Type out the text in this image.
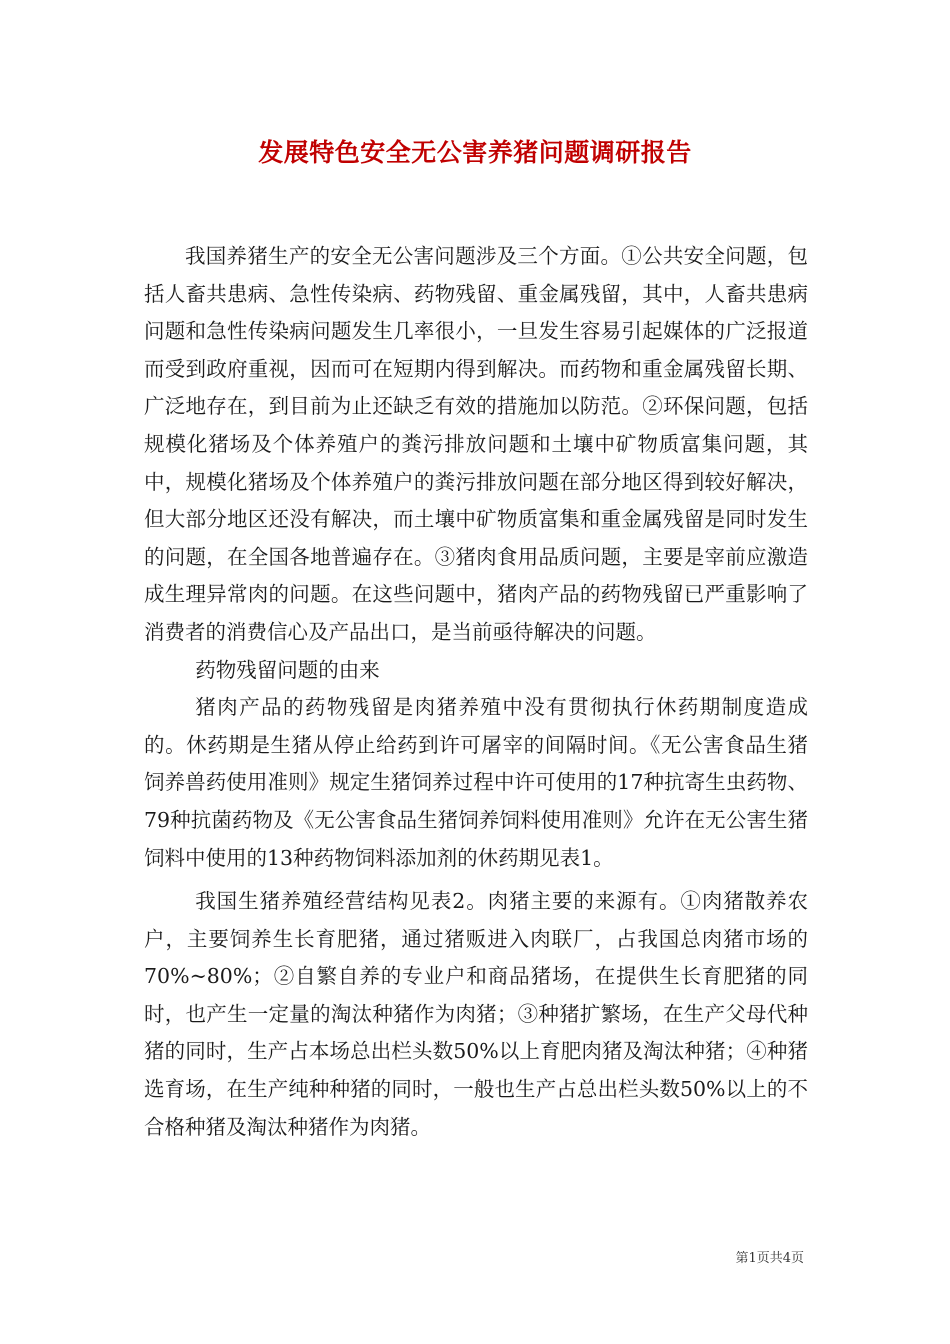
发展特色安全无公害养猪问题调研报告

我国养猪生产的安全无公害问题涉及三个方面。①公共安全问题，包括人畜共患病、急性传染病、药物残留、重金属残留，其中，人畜共患病问题和急性传染病问题发生几率很小，一旦发生容易引起媒体的广泛报道而受到政府重视，因而可在短期内得到解决。而药物和重金属残留长期、广泛地存在，到目前为止还缺乏有效的措施加以防范。②环保问题，包括规模化猪场及个体养殖户的粪污排放问题和土壤中矿物质富集问题，其中，规模化猪场及个体养殖户的粪污排放问题在部分地区得到较好解决，但大部分地区还没有解决，而土壤中矿物质富集和重金属残留是同时发生的问题，在全国各地普遍存在。③猪肉食用品质问题，主要是宰前应激造成生理异常肉的问题。在这些问题中，猪肉产品的药物残留已严重影响了消费者的消费信心及产品出口，是当前亟待解决的问题。

药物残留问题的由来

猪肉产品的药物残留是肉猪养殖中没有贯彻执行休药期制度造成的。休药期是生猪从停止给药到许可屠宰的间隔时间。《无公害食品生猪饲养兽药使用准则》规定生猪饲养过程中许可使用的17种抗寄生虫药物、79种抗菌药物及《无公害食品生猪饲养饲料使用准则》允许在无公害生猪饲料中使用的13种药物饲料添加剂的休药期见表1。

我国生猪养殖经营结构见表2。肉猪主要的来源有。①肉猪散养农户，主要饲养生长育肥猪，通过猪贩进入肉联厂，占我国总肉猪市场的70%~80%；②自繁自养的专业户和商品猪场，在提供生长育肥猪的同时，也产生一定量的淘汰种猪作为肉猪；③种猪扩繁场，在生产父母代种猪的同时，生产占本场总出栏头数50%以上育肥肉猪及淘汰种猪；④种猪选育场，在生产纯种种猪的同时，一般也生产占总出栏头数50%以上的不合格种猪及淘汰种猪作为肉猪。

第1页共4页
